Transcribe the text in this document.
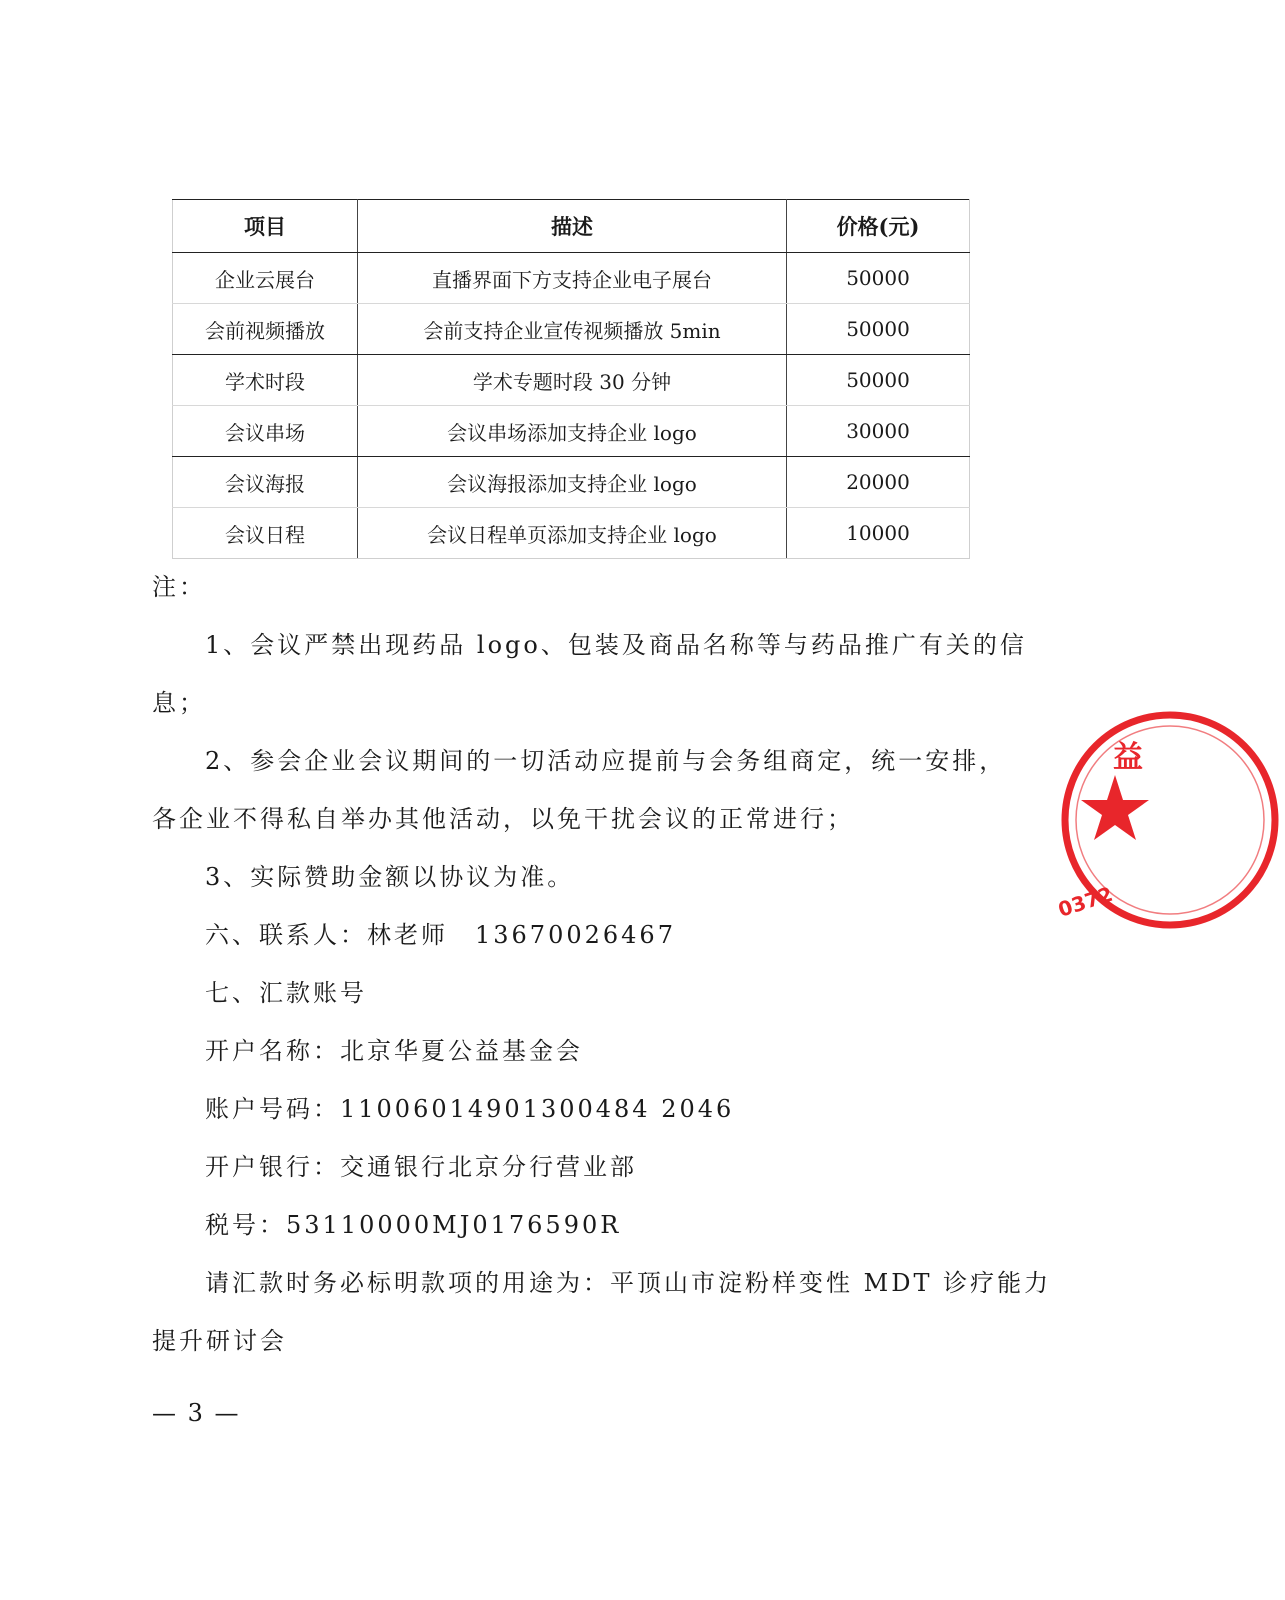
项目	描述	价格(元)
企业云展台	直播界面下方支持企业电子展台	50000
会前视频播放	会前支持企业宣传视频播放 5min	50000
学术时段	学术专题时段 30 分钟	50000
会议串场	会议串场添加支持企业 logo	30000
会议海报	会议海报添加支持企业 logo	20000
会议日程	会议日程单页添加支持企业 logo	10000
注：
1、会议严禁出现药品 logo、包装及商品名称等与药品推广有关的信
息；
2、参会企业会议期间的一切活动应提前与会务组商定，统一安排，
各企业不得私自举办其他活动，以免干扰会议的正常进行；
3、实际赞助金额以协议为准。
六、联系人：林老师　13670026467
七、汇款账号
开户名称：北京华夏公益基金会
账户号码：11006014901300484 2046
开户银行：交通银行北京分行营业部
税号：53110000MJ0176590R
请汇款时务必标明款项的用途为：平顶山市淀粉样变性 MDT 诊疗能力
提升研讨会
— 3 —
益
0372
